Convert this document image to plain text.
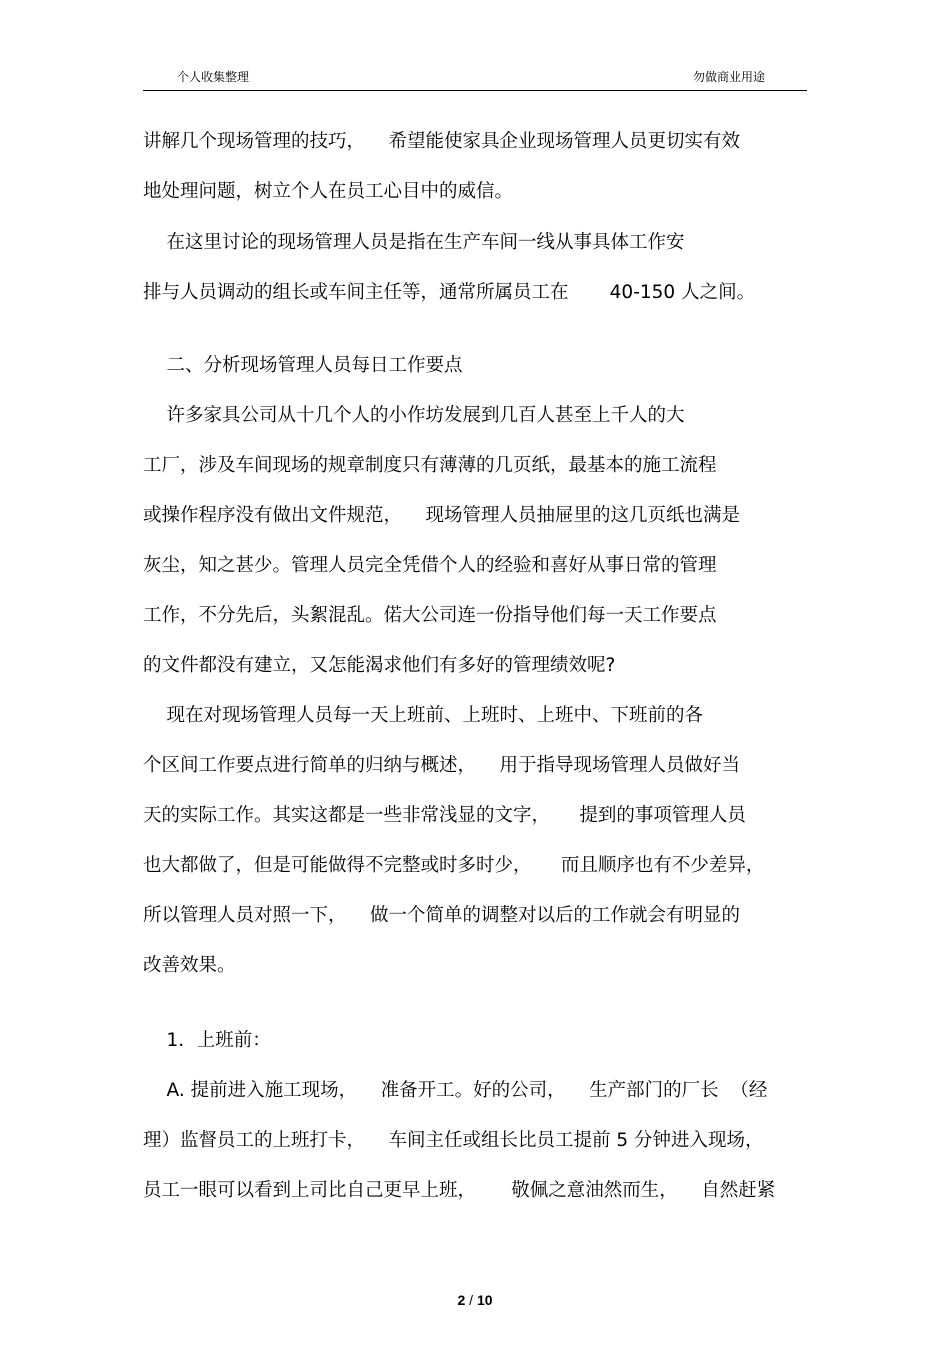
个人收集整理	勿做商业用途
讲解几个现场管理的技巧，    希望能使家具企业现场管理人员更切实有效
地处理问题，树立个人在员工心目中的威信。
在这里讨论的现场管理人员是指在生产车间一线从事具体工作安
排与人员调动的组长或车间主任等，通常所属员工在       40-150 人之间。
二、分析现场管理人员每日工作要点
许多家具公司从十几个人的小作坊发展到几百人甚至上千人的大
工厂，涉及车间现场的规章制度只有薄薄的几页纸，最基本的施工流程
或操作程序没有做出文件规范，    现场管理人员抽屉里的这几页纸也满是
灰尘，知之甚少。管理人员完全凭借个人的经验和喜好从事日常的管理
工作，不分先后，头絮混乱。偌大公司连一份指导他们每一天工作要点
的文件都没有建立，又怎能渴求他们有多好的管理绩效呢?
现在对现场管理人员每一天上班前、上班时、上班中、下班前的各
个区间工作要点进行简单的归纳与概述，    用于指导现场管理人员做好当
天的实际工作。其实这都是一些非常浅显的文字，     提到的事项管理人员
也大都做了，但是可能做得不完整或时多时少，     而且顺序也有不少差异，
所以管理人员对照一下，    做一个简单的调整对以后的工作就会有明显的
改善效果。
1．上班前：
A. 提前进入施工现场，    准备开工。好的公司，    生产部门的厂长  （经
理）监督员工的上班打卡，    车间主任或组长比员工提前 5 分钟进入现场，
员工一眼可以看到上司比自己更早上班，      敬佩之意油然而生，    自然赶紧
2 / 10
